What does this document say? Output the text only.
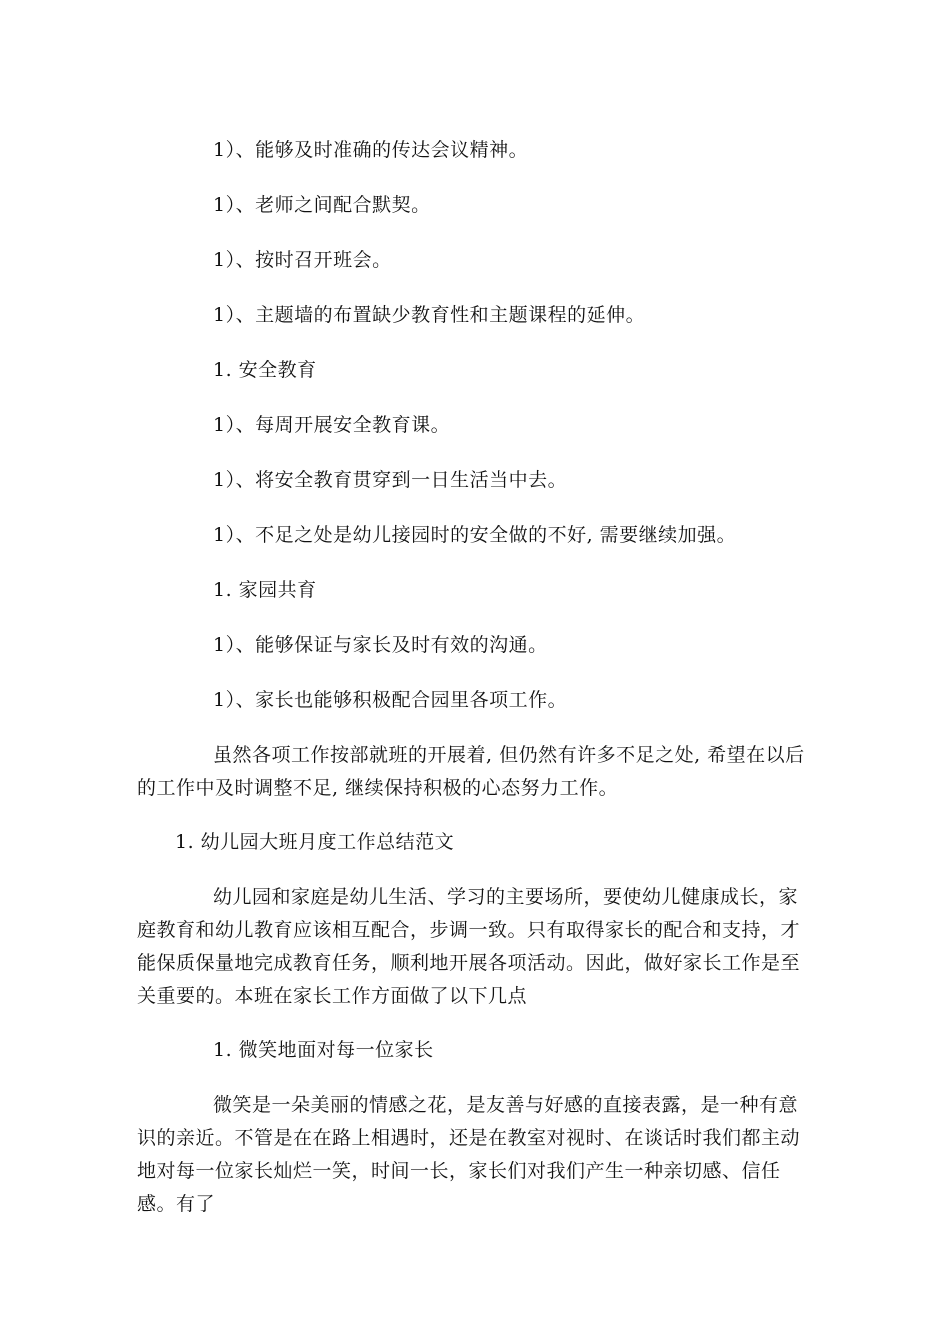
1）、能够及时准确的传达会议精神。
1）、老师之间配合默契。
1）、按时召开班会。
1）、主题墙的布置缺少教育性和主题课程的延伸。
1. 安全教育
1）、每周开展安全教育课。
1）、将安全教育贯穿到一日生活当中去。
1）、不足之处是幼儿接园时的安全做的不好, 需要继续加强。
1. 家园共育
1）、能够保证与家长及时有效的沟通。
1）、家长也能够积极配合园里各项工作。
虽然各项工作按部就班的开展着, 但仍然有许多不足之处, 希望在以后的工作中及时调整不足, 继续保持积极的心态努力工作。
1. 幼儿园大班月度工作总结范文
幼儿园和家庭是幼儿生活、学习的主要场所，要使幼儿健康成长，家庭教育和幼儿教育应该相互配合，步调一致。只有取得家长的配合和支持，才能保质保量地完成教育任务，顺利地开展各项活动。因此，做好家长工作是至关重要的。本班在家长工作方面做了以下几点
1. 微笑地面对每一位家长
微笑是一朵美丽的情感之花，是友善与好感的直接表露，是一种有意识的亲近。不管是在在路上相遇时，还是在教室对视时、在谈话时我们都主动地对每一位家长灿烂一笑，时间一长，家长们对我们产生一种亲切感、信任感。有了
